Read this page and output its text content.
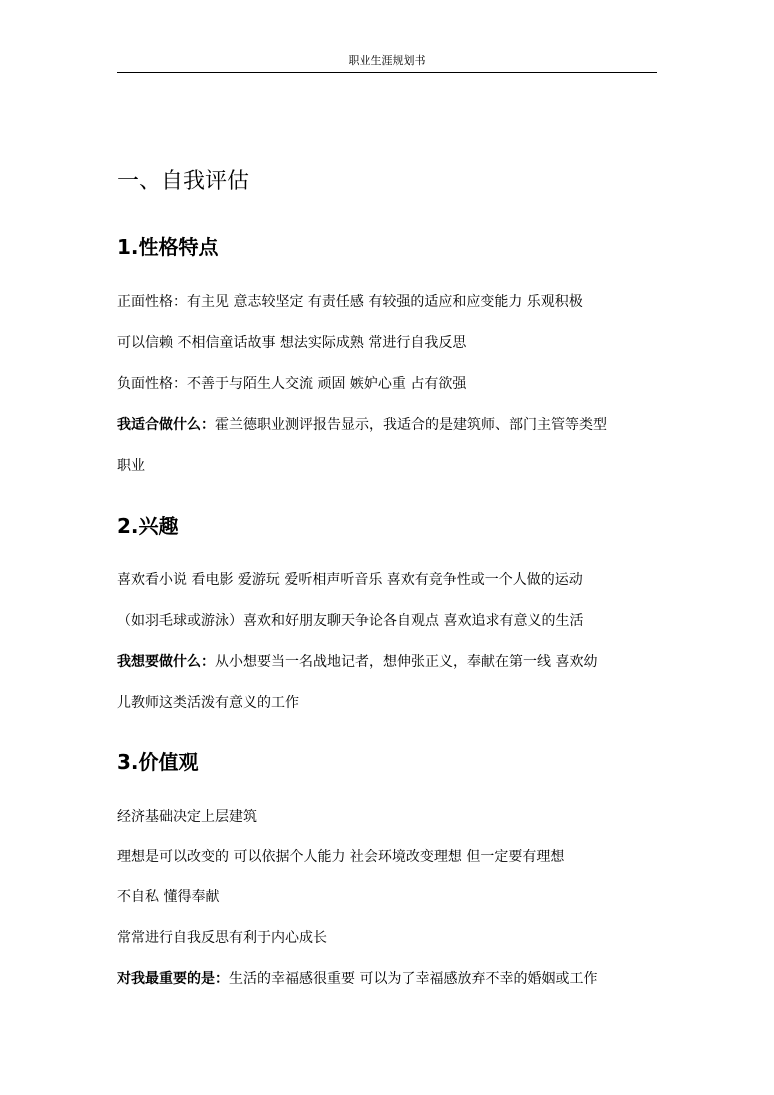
职业生涯规划书
一、自我评估
1.性格特点
正面性格：有主见 意志较坚定 有责任感 有较强的适应和应变能力 乐观积极
可以信赖 不相信童话故事 想法实际成熟 常进行自我反思
负面性格：不善于与陌生人交流 顽固 嫉妒心重 占有欲强
我适合做什么：霍兰德职业测评报告显示，我适合的是建筑师、部门主管等类型
职业
2.兴趣
喜欢看小说 看电影 爱游玩 爱听相声听音乐 喜欢有竞争性或一个人做的运动
（如羽毛球或游泳）喜欢和好朋友聊天争论各自观点 喜欢追求有意义的生活
我想要做什么：从小想要当一名战地记者，想伸张正义，奉献在第一线 喜欢幼
儿教师这类活泼有意义的工作
3.价值观
经济基础决定上层建筑
理想是可以改变的 可以依据个人能力 社会环境改变理想 但一定要有理想
不自私 懂得奉献
常常进行自我反思有利于内心成长
对我最重要的是：生活的幸福感很重要 可以为了幸福感放弃不幸的婚姻或工作
